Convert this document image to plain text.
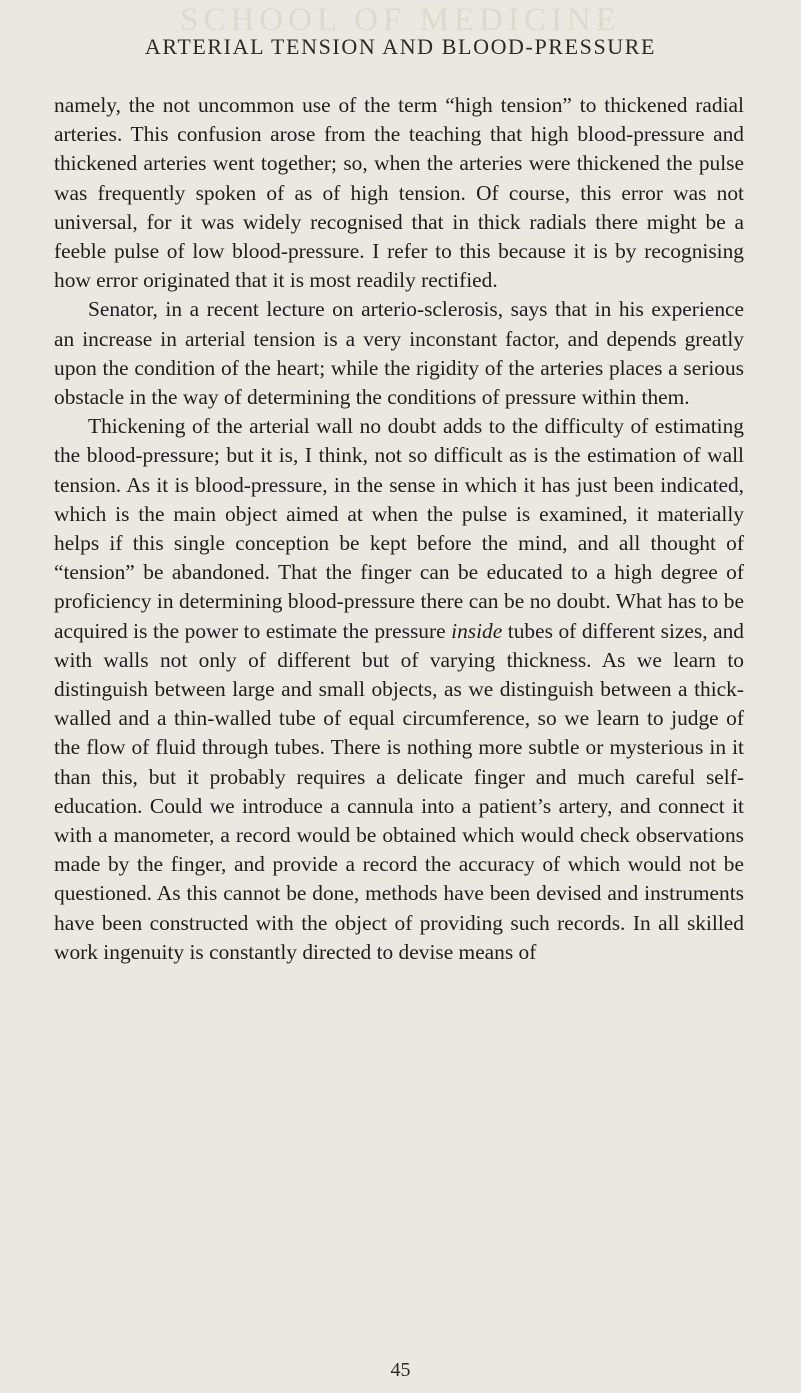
SCHOOL OF MEDICINE
ARTERIAL TENSION AND BLOOD-PRESSURE

namely, the not uncommon use of the term “high tension” to thickened radial arteries. This confusion arose from the teaching that high blood-pressure and thickened arteries went together; so, when the arteries were thickened the pulse was frequently spoken of as of high tension. Of course, this error was not universal, for it was widely recognised that in thick radials there might be a feeble pulse of low blood-pressure. I refer to this because it is by recognising how error originated that it is most readily rectified.

Senator, in a recent lecture on arterio-sclerosis, says that in his experience an increase in arterial tension is a very inconstant factor, and depends greatly upon the condition of the heart; while the rigidity of the arteries places a serious obstacle in the way of determining the conditions of pressure within them.

Thickening of the arterial wall no doubt adds to the difficulty of estimating the blood-pressure; but it is, I think, not so difficult as is the estimation of wall tension. As it is blood-pressure, in the sense in which it has just been indicated, which is the main object aimed at when the pulse is examined, it materially helps if this single conception be kept before the mind, and all thought of “tension” be abandoned. That the finger can be educated to a high degree of proficiency in determining blood-pressure there can be no doubt. What has to be acquired is the power to estimate the pressure inside tubes of different sizes, and with walls not only of different but of varying thickness. As we learn to distinguish between large and small objects, as we distinguish between a thick-walled and a thin-walled tube of equal circumference, so we learn to judge of the flow of fluid through tubes. There is nothing more subtle or mysterious in it than this, but it probably requires a delicate finger and much careful self-education. Could we introduce a cannula into a patient’s artery, and connect it with a manometer, a record would be obtained which would check observations made by the finger, and provide a record the accuracy of which would not be questioned. As this cannot be done, methods have been devised and instruments have been constructed with the object of providing such records. In all skilled work ingenuity is constantly directed to devise means of

45
